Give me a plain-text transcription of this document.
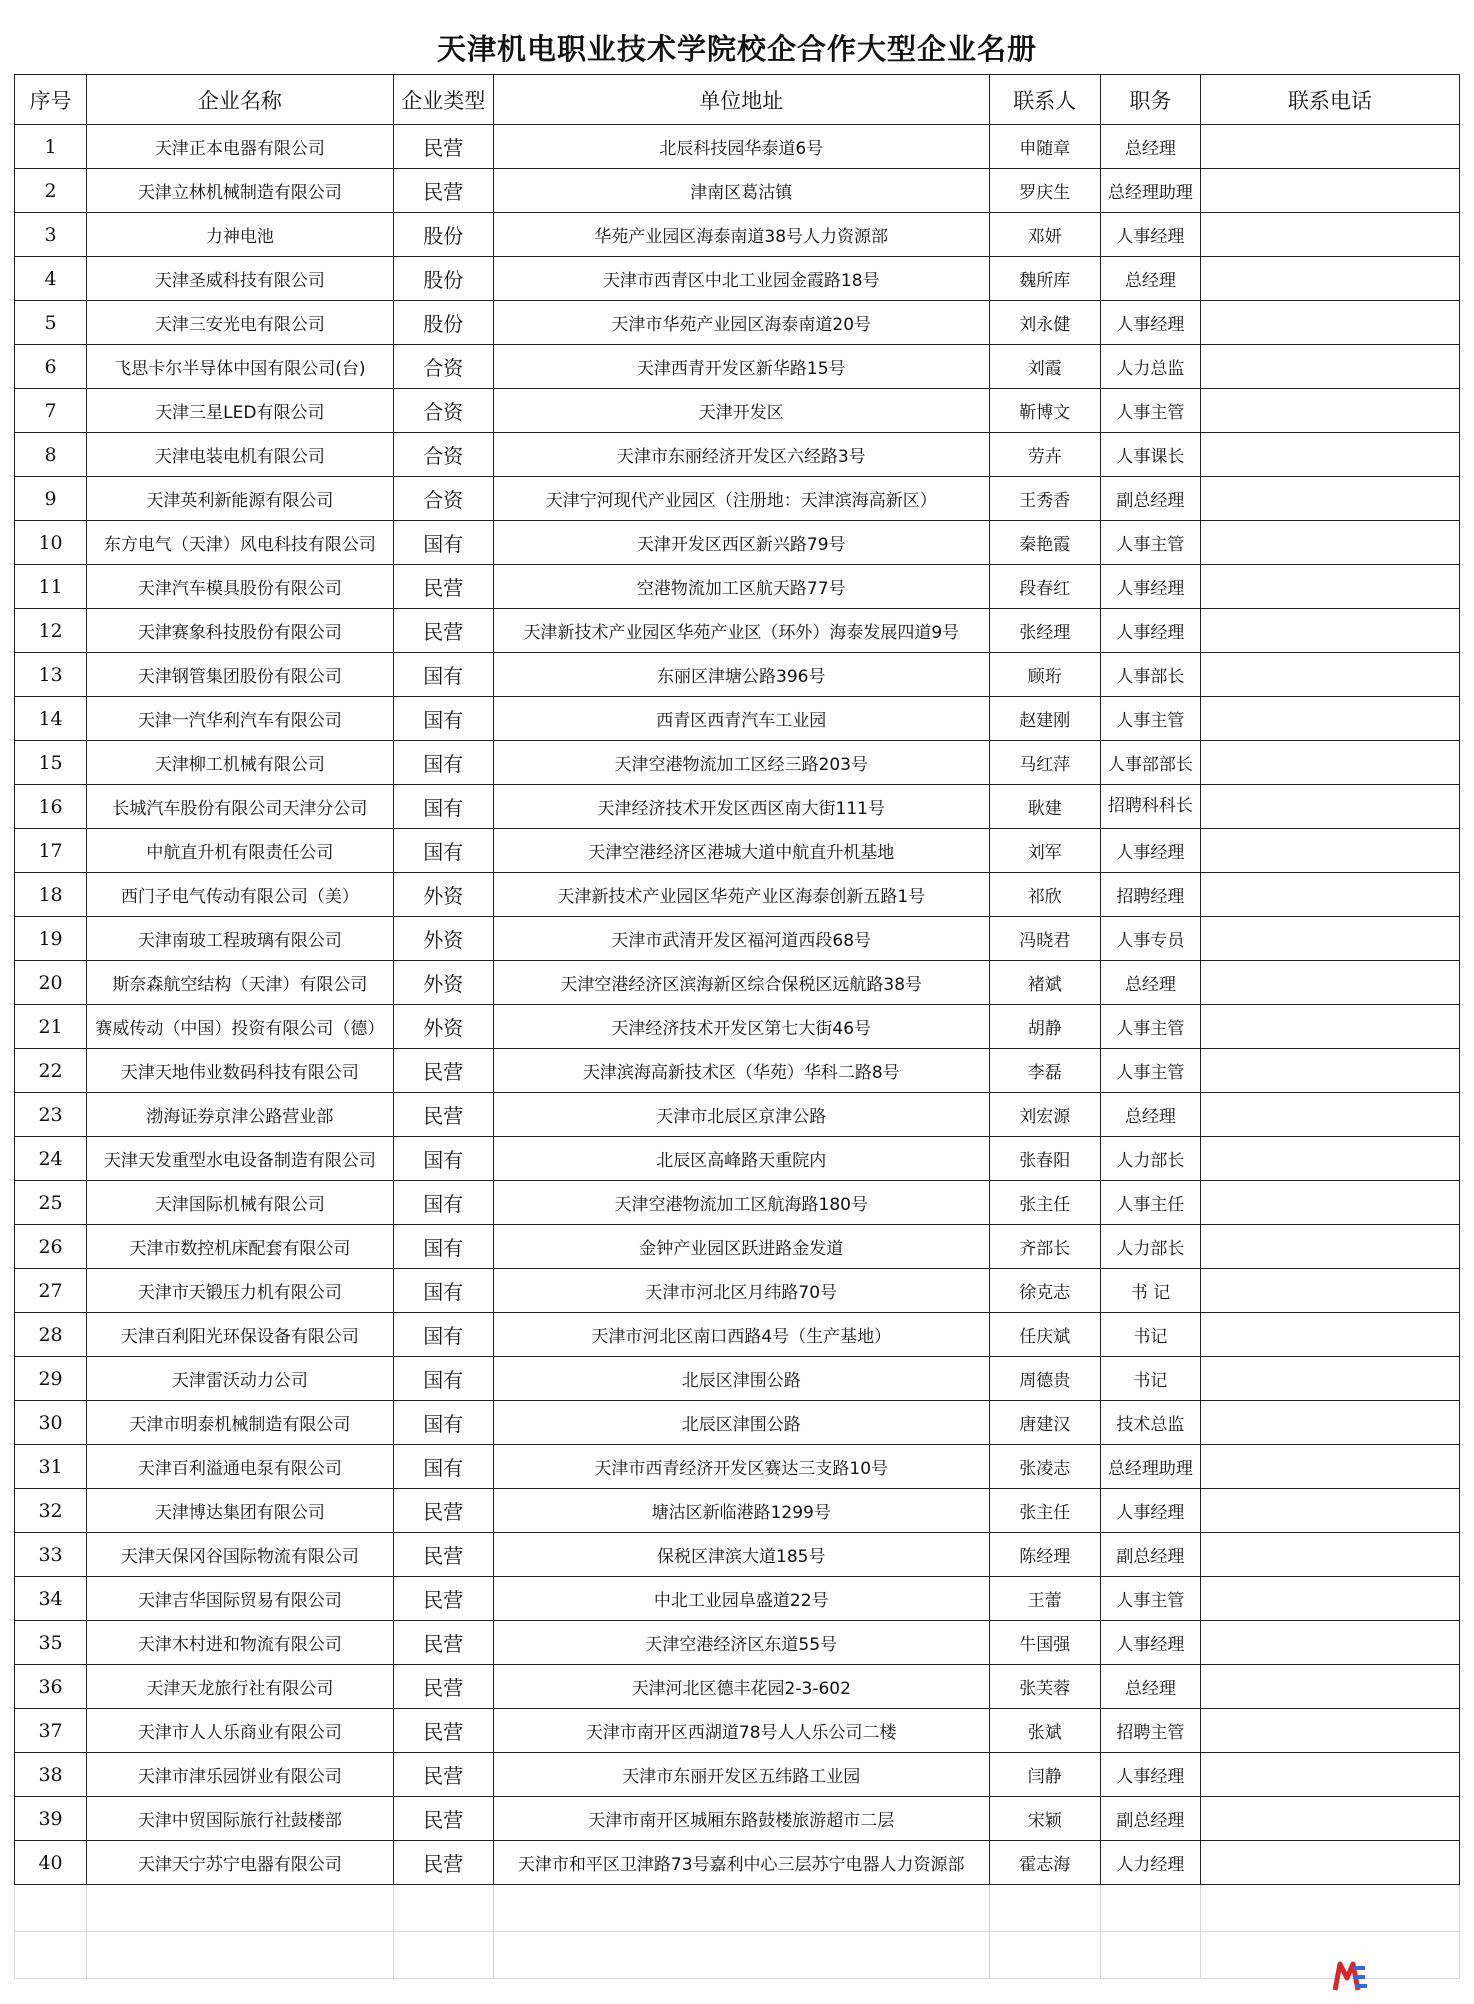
天津机电职业技术学院校企合作大型企业名册
序号	企业名称	企业类型	单位地址	联系人	职务	联系电话
1	天津正本电器有限公司	民营	北辰科技园华泰道6号	申随章	总经理	
2	天津立林机械制造有限公司	民营	津南区葛沽镇	罗庆生	总经理助理	
3	力神电池	股份	华苑产业园区海泰南道38号人力资源部	邓妍	人事经理	
4	天津圣威科技有限公司	股份	天津市西青区中北工业园金霞路18号	魏所库	总经理	
5	天津三安光电有限公司	股份	天津市华苑产业园区海泰南道20号	刘永健	人事经理	
6	飞思卡尔半导体中国有限公司(台)	合资	天津西青开发区新华路15号	刘霞	人力总监	
7	天津三星LED有限公司	合资	天津开发区	靳博文	人事主管	
8	天津电装电机有限公司	合资	天津市东丽经济开发区六经路3号	劳卉	人事课长	
9	天津英利新能源有限公司	合资	天津宁河现代产业园区（注册地：天津滨海高新区）	王秀香	副总经理	
10	东方电气（天津）风电科技有限公司	国有	天津开发区西区新兴路79号	秦艳霞	人事主管	
11	天津汽车模具股份有限公司	民营	空港物流加工区航天路77号	段春红	人事经理	
12	天津赛象科技股份有限公司	民营	天津新技术产业园区华苑产业区（环外）海泰发展四道9号	张经理	人事经理	
13	天津钢管集团股份有限公司	国有	东丽区津塘公路396号	顾珩	人事部长	
14	天津一汽华利汽车有限公司	国有	西青区西青汽车工业园	赵建刚	人事主管	
15	天津柳工机械有限公司	国有	天津空港物流加工区经三路203号	马红萍	人事部部长	
16	长城汽车股份有限公司天津分公司	国有	天津经济技术开发区西区南大街111号	耿建	招聘科科长	
17	中航直升机有限责任公司	国有	天津空港经济区港城大道中航直升机基地	刘军	人事经理	
18	西门子电气传动有限公司（美）	外资	天津新技术产业园区华苑产业区海泰创新五路1号	祁欣	招聘经理	
19	天津南玻工程玻璃有限公司	外资	天津市武清开发区福河道西段68号	冯晓君	人事专员	
20	斯奈森航空结构（天津）有限公司	外资	天津空港经济区滨海新区综合保税区远航路38号	褚斌	总经理	
21	赛威传动（中国）投资有限公司（德）	外资	天津经济技术开发区第七大街46号	胡静	人事主管	
22	天津天地伟业数码科技有限公司	民营	天津滨海高新技术区（华苑）华科二路8号	李磊	人事主管	
23	渤海证券京津公路营业部	民营	天津市北辰区京津公路	刘宏源	总经理	
24	天津天发重型水电设备制造有限公司	国有	北辰区高峰路天重院内	张春阳	人力部长	
25	天津国际机械有限公司	国有	天津空港物流加工区航海路180号	张主任	人事主任	
26	天津市数控机床配套有限公司	国有	金钟产业园区跃进路金发道	齐部长	人力部长	
27	天津市天锻压力机有限公司	国有	天津市河北区月纬路70号	徐克志	书 记	
28	天津百利阳光环保设备有限公司	国有	天津市河北区南口西路4号（生产基地）	任庆斌	书记	
29	天津雷沃动力公司	国有	北辰区津围公路	周德贵	书记	
30	天津市明泰机械制造有限公司	国有	北辰区津围公路	唐建汉	技术总监	
31	天津百利溢通电泵有限公司	国有	天津市西青经济开发区赛达三支路10号	张凌志	总经理助理	
32	天津博达集团有限公司	民营	塘沽区新临港路1299号	张主任	人事经理	
33	天津天保冈谷国际物流有限公司	民营	保税区津滨大道185号	陈经理	副总经理	
34	天津吉华国际贸易有限公司	民营	中北工业园阜盛道22号	王蕾	人事主管	
35	天津木村进和物流有限公司	民营	天津空港经济区东道55号	牛国强	人事经理	
36	天津天龙旅行社有限公司	民营	天津河北区德丰花园2-3-602	张芙蓉	总经理	
37	天津市人人乐商业有限公司	民营	天津市南开区西湖道78号人人乐公司二楼	张斌	招聘主管	
38	天津市津乐园饼业有限公司	民营	天津市东丽开发区五纬路工业园	闫静	人事经理	
39	天津中贸国际旅行社鼓楼部	民营	天津市南开区城厢东路鼓楼旅游超市二层	宋颖	副总经理	
40	天津天宁苏宁电器有限公司	民营	天津市和平区卫津路73号嘉利中心三层苏宁电器人力资源部	霍志海	人力经理	
